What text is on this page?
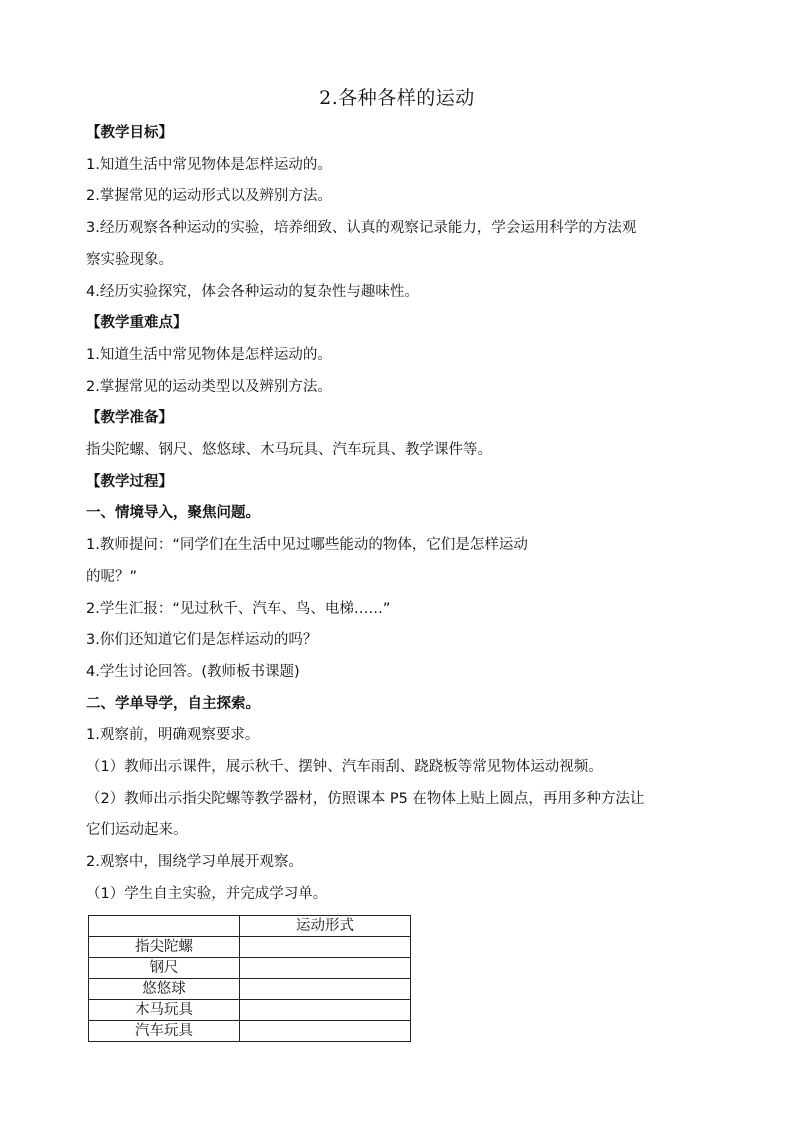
2.各种各样的运动

【教学目标】

1.知道生活中常见物体是怎样运动的。

2.掌握常见的运动形式以及辨别方法。

3.经历观察各种运动的实验，培养细致、认真的观察记录能力，学会运用科学的方法观

察实验现象。

4.经历实验探究，体会各种运动的复杂性与趣味性。

【教学重难点】

1.知道生活中常见物体是怎样运动的。

2.掌握常见的运动类型以及辨别方法。

【教学准备】

指尖陀螺、钢尺、悠悠球、木马玩具、汽车玩具、教学课件等。

【教学过程】

一、情境导入，聚焦问题。

1.教师提问：“同学们在生活中见过哪些能动的物体，它们是怎样运动

的呢？”

2.学生汇报：“见过秋千、汽车、鸟、电梯……”

3.你们还知道它们是怎样运动的吗？

4.学生讨论回答。(教师板书课题)

二、学单导学，自主探索。

1.观察前，明确观察要求。

（1）教师出示课件，展示秋千、摆钟、汽车雨刮、跷跷板等常见物体运动视频。

（2）教师出示指尖陀螺等教学器材，仿照课本 P5 在物体上贴上圆点，再用多种方法让

它们运动起来。

2.观察中，围绕学习单展开观察。

（1）学生自主实验，并完成学习单。

	运动形式
指尖陀螺	
钢尺	
悠悠球	
木马玩具	
汽车玩具	
